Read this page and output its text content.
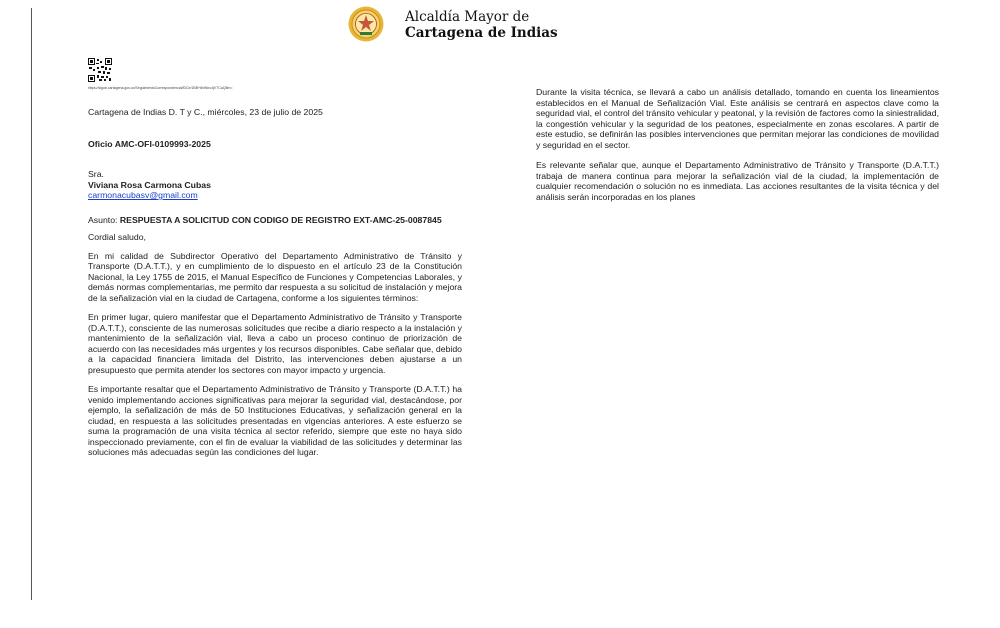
Alcaldía Mayor de
Cartagena de Indias
https://sigob.cartagena.gov.co/SeguimientoCorrespondencia/fDCe/1BB+8nWnu4jVTCaQ8m=

Cartagena de Indias D. T y C., miércoles, 23 de julio de 2025

Oficio AMC-OFI-0109993-2025

Sra.
Viviana Rosa Carmona Cubas
carmonacubasv@gmail.com

Asunto: RESPUESTA A SOLICITUD CON CODIGO DE REGISTRO EXT-AMC-25-0087845

Cordial saludo,

En mi calidad de Subdirector Operativo del Departamento Administrativo de Tránsito y Transporte (D.A.T.T.), y en cumplimiento de lo dispuesto en el artículo 23 de la Constitución Nacional, la Ley 1755 de 2015, el Manual Específico de Funciones y Competencias Laborales, y demás normas complementarias, me permito dar respuesta a su solicitud de instalación y mejora de la señalización vial en la ciudad de Cartagena, conforme a los siguientes términos:

En primer lugar, quiero manifestar que el Departamento Administrativo de Tránsito y Transporte (D.A.T.T.), consciente de las numerosas solicitudes que recibe a diario respecto a la instalación y mantenimiento de la señalización vial, lleva a cabo un proceso continuo de priorización de acuerdo con las necesidades más urgentes y los recursos disponibles. Cabe señalar que, debido a la capacidad financiera limitada del Distrito, las intervenciones deben ajustarse a un presupuesto que permita atender los sectores con mayor impacto y urgencia.

Es importante resaltar que el Departamento Administrativo de Tránsito y Transporte (D.A.T.T.) ha venido implementando acciones significativas para mejorar la seguridad vial, destacándose, por ejemplo, la señalización de más de 50 Instituciones Educativas, y señalización general en la ciudad, en respuesta a las solicitudes presentadas en vigencias anteriores. A este esfuerzo se suma la programación de una visita técnica al sector referido, siempre que este no haya sido inspeccionado previamente, con el fin de evaluar la viabilidad de las solicitudes y determinar las soluciones más adecuadas según las condiciones del lugar.

Durante la visita técnica, se llevará a cabo un análisis detallado, tomando en cuenta los lineamientos establecidos en el Manual de Señalización Vial. Este análisis se centrará en aspectos clave como la seguridad vial, el control del tránsito vehicular y peatonal, y la revisión de factores como la siniestralidad, la congestión vehicular y la seguridad de los peatones, especialmente en zonas escolares. A partir de este estudio, se definirán las posibles intervenciones que permitan mejorar las condiciones de movilidad y seguridad en el sector.

Es relevante señalar que, aunque el Departamento Administrativo de Tránsito y Transporte (D.A.T.T.) trabaja de manera continua para mejorar la señalización vial de la ciudad, la implementación de cualquier recomendación o solución no es inmediata. Las acciones resultantes de la visita técnica y del análisis serán incorporadas en los planes
